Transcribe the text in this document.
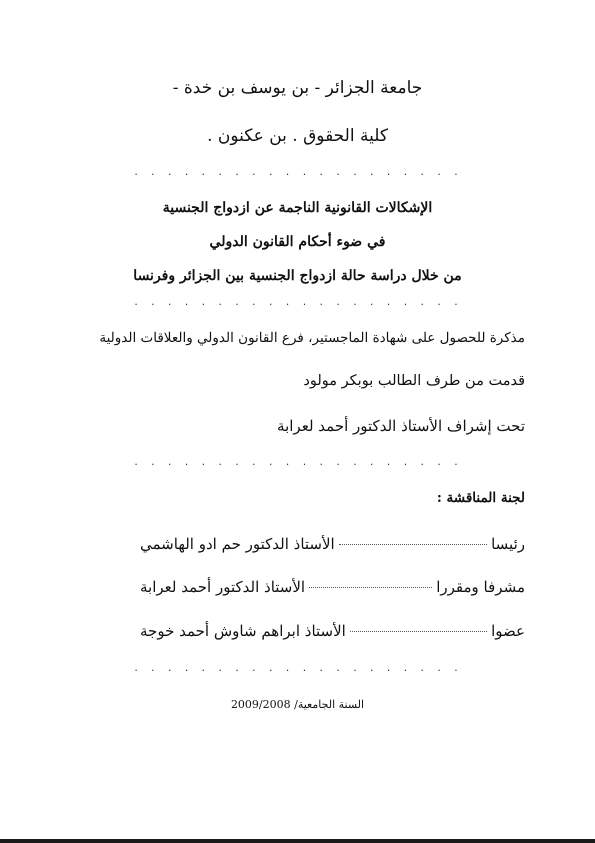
جامعة الجزائر - بن يوسف بن خدة -
كلية الحقوق . بن عكنون .
. . . . . . . . . . . . . . . . . . . .
الإشكالات القانونية الناجمة عن ازدواج الجنسية
في ضوء أحكام القانون الدولي
من خلال دراسة حالة ازدواج الجنسية بين الجزائر وفرنسا
. . . . . . . . . . . . . . . . . . . .
مذكرة للحصول على شهادة الماجستير، فرع القانون الدولي والعلاقات الدولية
قدمت من طرف الطالب بوبكر مولود
تحت إشراف الأستاذ الدكتور أحمد لعرابة
. . . . . . . . . . . . . . . . . . . .
لجنة المناقشة :
الأستاذ الدكتور حم ادو الهاشمي	رئيسا
الأستاذ الدكتور أحمد لعرابة	مشرفا ومقررا
الأستاذ ابراهم شاوش أحمد خوجة	عضوا
. . . . . . . . . . . . . . . . . . . .
السنة الجامعية/ 2009/2008
